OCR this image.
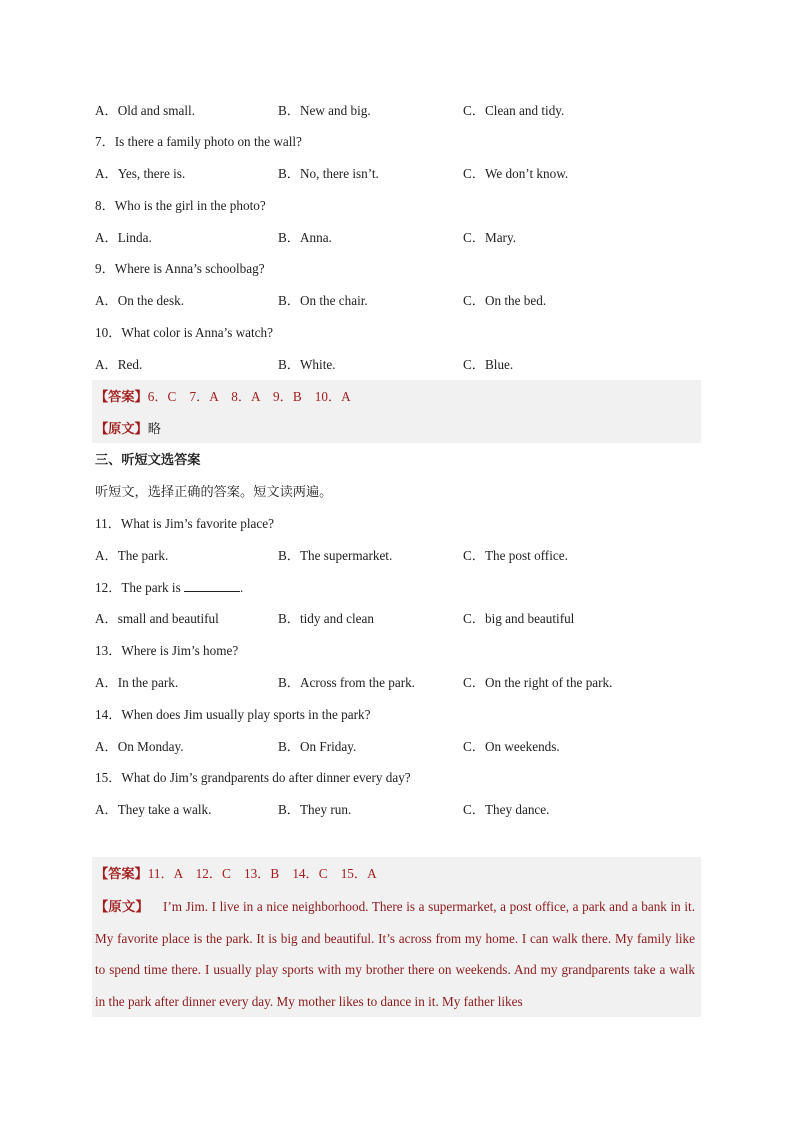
A．Old and small.	B．New and big.	C．Clean and tidy.
7．Is there a family photo on the wall?
A．Yes, there is.	B．No, there isn’t.	C．We don’t know.
8．Who is the girl in the photo?
A．Linda.	B．Anna.	C．Mary.
9．Where is Anna’s schoolbag?
A．On the desk.	B．On the chair.	C．On the bed.
10．What color is Anna’s watch?
A．Red.	B．White.	C．Blue.
【答案】6．C　7．A　8．A　9．B　10．A
【原文】略
三、听短文选答案
听短文，选择正确的答案。短文读两遍。
11．What is Jim’s favorite place?
A．The park.	B．The supermarket.	C．The post office.
12．The park is	.
A．small and beautiful	B．tidy and clean	C．big and beautiful
13．Where is Jim’s home?
A．In the park.	B．Across from the park.	C．On the right of the park.
14．When does Jim usually play sports in the park?
A．On Monday.	B．On Friday.	C．On weekends.
15．What do Jim’s grandparents do after dinner every day?
A．They take a walk.	B．They run.	C．They dance.
【答案】11．A　12．C　13．B　14．C　15．A
【原文】 I’m Jim. I live in a nice neighborhood. There is a supermarket, a post office, a park and a bank in it. My favorite place is the park. It is big and beautiful. It’s across from my home. I can walk there. My family like to spend time there. I usually play sports with my brother there on weekends. And my grandparents take a walk in the park after dinner every day. My mother likes to dance in it. My father likes
